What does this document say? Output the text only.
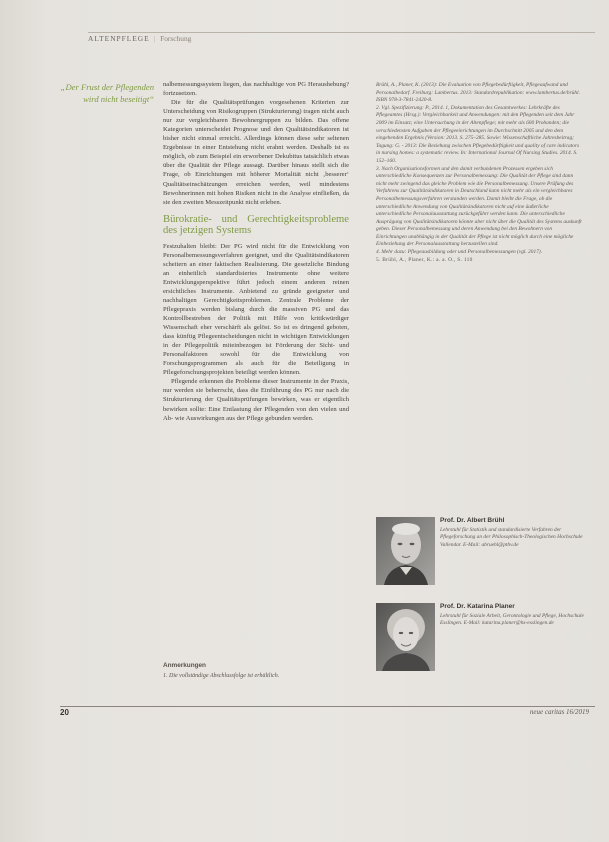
ALTENPFLEGE | Forschung
„Der Frust der Pflegenden wird nicht beseitigt“

nalbemessungssystem liegen, das nachhaltige von PG Heraushebung? fortzusetzen.

Die für die Qualitätsprüfungen vorgesehenen Kriterien zur Unterscheidung von Risikogruppen (Strukturierung) tragen nicht auch nur zur vergleichbaren Bewohnergruppen zu bilden. Das offene Kategorien unterscheidet Prognose und den Qualitätsindikatoren ist bisher nicht einmal erreicht. Allerdings können diese sehr seltenen Ergebnisse in einer Entstehung nicht erahnt werden. Deshalb ist es möglich, ob zum Beispiel ein erworbener Dekubitus tatsächlich etwas über die Qualität der Pflege aussagt. Darüber hinaus stellt sich die Frage, ob Einrichtungen mit höherer Mortalität nicht ‚besserer‘ Qualitätseinschätzungen erreichen werden, weil mindestens Bewohnerinnen mit hohen Risiken nicht in die Analyse einfließen, da sie den zweiten Messzeitpunkt nicht erleben.

Bürokratie- und Gerechtigkeitsprobleme des jetzigen Systems

Festzuhalten bleibt: Der PG wird nicht für die Entwicklung von Personalbemessungsverfahren geeignet, und die Qualitätsindikatoren scheitern an einer faktischen Realisierung. Die gesetzliche Bindung an einheitlich standardisiertes Instrumente ohne weitere Entwicklungsperspektive führt jedoch einem anderen reinen ersichtliches Instrumente. Anbietend zu gründe geeigneter und nachhaltigen Gerechtigkeitsproblemen. Zentrale Probleme der Pflegepraxis werden bislang durch die massiven PG und das Kontrollbestreben der Politik mit Hilfe von kritikwürdiger Wissenschaft eher verschärft als gelöst. So ist es dringend geboten, dass künftig Pflegeentscheidungen nicht in wichtigen Entwicklungen in der Pflegepolitik miteinbezogen ist Förderung der Sicht- und Personalfaktoren sowohl für die Entwicklung von Forschungsprogrammen als auch für die Beteiligung in Pflegeforschungsprojekten beteiligt werden können.

Pflegende erkennen die Probleme dieser Instrumente in der Praxis, nur werden sie beherrscht, dass die Einführung des PG nur nach die Strukturierung der Qualitätsprüfungen bewirken, was er eigentlich bewirken sollte: Eine Entlastung der Pflegenden von den vielen und Ab- wie Auswirkungen aus der Pflege gebunden werden.

Anmerkungen
1. Die vollständige Abschlussfolge ist erhältlich.

Brühl, A., Planer, K. (2013): Die Evaluation von Pflegebedürftigkeit, Pflegeaufwand und Personalbedarf. Freiburg: Lambertus. 2013: Standardrepublikation: www.lambertus.de/brühl. ISBN 978-3-7841-2420-8.

2. Vgl. Spezifizierung: P., 2014. 1, Dokumentation des Gesamtwerkes: Lehrkräfte des Pflegeamtes (Hrsg.): Vergleichbarkeit und Anwendungen: mit den Pflegenden seit dem Jahr 2009 im Einsatz; eine Untersuchung in der Altenpflege; mit mehr als 600 Probanden; die verschiedensten Aufgaben der Pflegeeinrichtungen im Durchschnitt 2005 und den dem eingehenden Ergebnis (Version: 2013. S. 275–285. Sowie: Wissenschaftliche Jahresbeitrag; Tagung: G. - 2013: Die Beziehung zwischen Pflegebedürftigkeit und quality of care indicators in nursing homes: a systematic review. In: International Journal Of Nursing Studies. 2014. S. 152–160.

3. Nach Organisationsformen und den damit verbundenen Prozessen ergeben sich unterschiedliche Konsequenzen zur Personalbemessung: Die Qualität der Pflege sind dann nicht mehr zwingend das gleiche Problem wie die Personalbemessung. Unsere Prüfung des Verfahrens zur Qualitätsindikatoren in Deutschland kann nicht mehr als ein vergleichbares Personalbemessungsverfahren verstanden werden. Damit bleibt die Frage, ob die unterschiedliche Anwendung von Qualitätsindikatoren nicht auf eine äußerliche unterschiedliche Personalausstattung zurückgeführt werden kann. Die unterschiedliche Ausprägung von Qualitätsindikatoren könnte aber nicht über die Qualität des Systems auskunft geben. Dieser Personalbemessung und deren Anwendung bei den Bewohnern von Einrichtungen unabhängig in der Qualität der Pflege ist nicht möglich durch eine mögliche Einbeziehung der Personalausstattung herzustellen sind.

4. Mehr dazu: Pflegeausbildung oder und Personalbemessungen (vgl. 2017).

5. Brühl, A., Planer, K.: a. a. O., S. 110

Prof. Dr. Albert Brühl
Lehrstuhl für Statistik und standardisierte Verfahren der Pflegeforschung an der Philosophisch-Theologischen Hochschule Vallendar. E-Mail: abruehl@pthv.de
Prof. Dr. Katarina Planer
Lehrstuhl für Soziale Arbeit, Gerontologie und Pflege, Hochschule Esslingen. E-Mail: katarina.planer@hs-esslingen.de
20	neue caritas 16/2019
